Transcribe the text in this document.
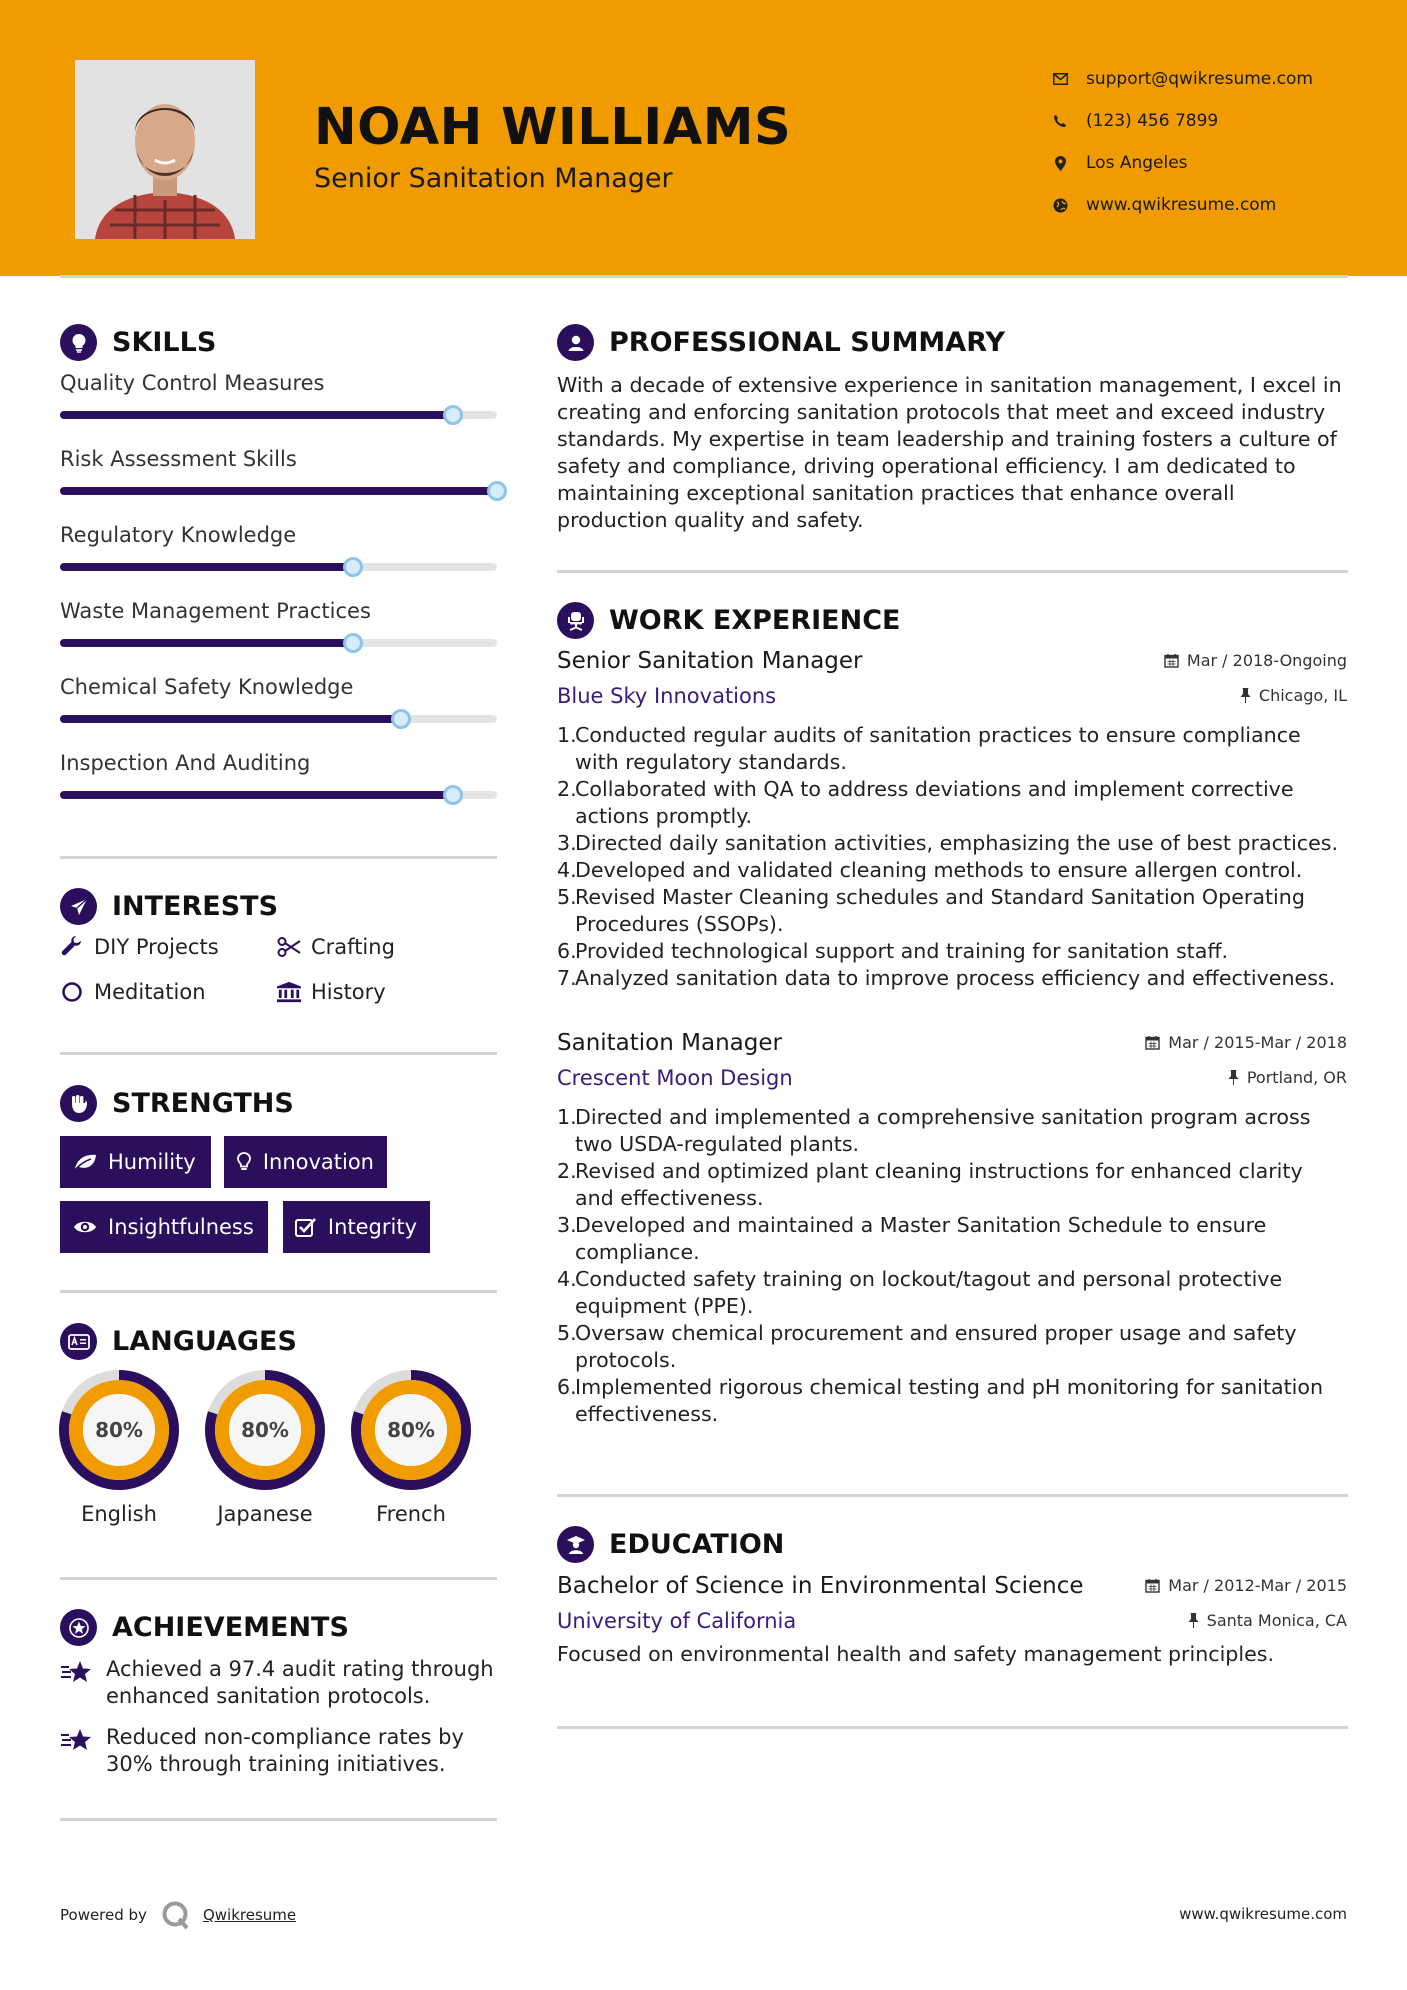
NOAH WILLIAMS
Senior Sanitation Manager
support@qwikresume.com
(123) 456 7899
Los Angeles
www.qwikresume.com
SKILLS
Quality Control Measures
Risk Assessment Skills
Regulatory Knowledge
Waste Management Practices
Chemical Safety Knowledge
Inspection And Auditing
INTERESTS
DIY Projects	Crafting
Meditation	History
STRENGTHS
Humility	Innovation
Insightfulness	Integrity
LANGUAGES
80%
English
80%
Japanese
80%
French
ACHIEVEMENTS
Achieved a 97.4 audit rating through enhanced sanitation protocols.
Reduced non-compliance rates by 30% through training initiatives.
PROFESSIONAL SUMMARY
With a decade of extensive experience in sanitation management, I excel in creating and enforcing sanitation protocols that meet and exceed industry standards. My expertise in team leadership and training fosters a culture of safety and compliance, driving operational efficiency. I am dedicated to maintaining exceptional sanitation practices that enhance overall production quality and safety.
WORK EXPERIENCE
Senior Sanitation Manager	Mar / 2018-Ongoing
Blue Sky Innovations	Chicago, IL
1.
Conducted regular audits of sanitation practices to ensure compliance with regulatory standards.
2.
Collaborated with QA to address deviations and implement corrective actions promptly.
3.
Directed daily sanitation activities, emphasizing the use of best practices.
4.
Developed and validated cleaning methods to ensure allergen control.
5.
Revised Master Cleaning schedules and Standard Sanitation Operating Procedures (SSOPs).
6.
Provided technological support and training for sanitation staff.
7.
Analyzed sanitation data to improve process efficiency and effectiveness.
Sanitation Manager	Mar / 2015-Mar / 2018
Crescent Moon Design	Portland, OR
1.
Directed and implemented a comprehensive sanitation program across two USDA-regulated plants.
2.
Revised and optimized plant cleaning instructions for enhanced clarity and effectiveness.
3.
Developed and maintained a Master Sanitation Schedule to ensure compliance.
4.
Conducted safety training on lockout/tagout and personal protective equipment (PPE).
5.
Oversaw chemical procurement and ensured proper usage and safety protocols.
6.
Implemented rigorous chemical testing and pH monitoring for sanitation effectiveness.
EDUCATION
Bachelor of Science in Environmental Science	Mar / 2012-Mar / 2015
University of California	Santa Monica, CA
Focused on environmental health and safety management principles.
Powered by	Qwikresume	www.qwikresume.com
